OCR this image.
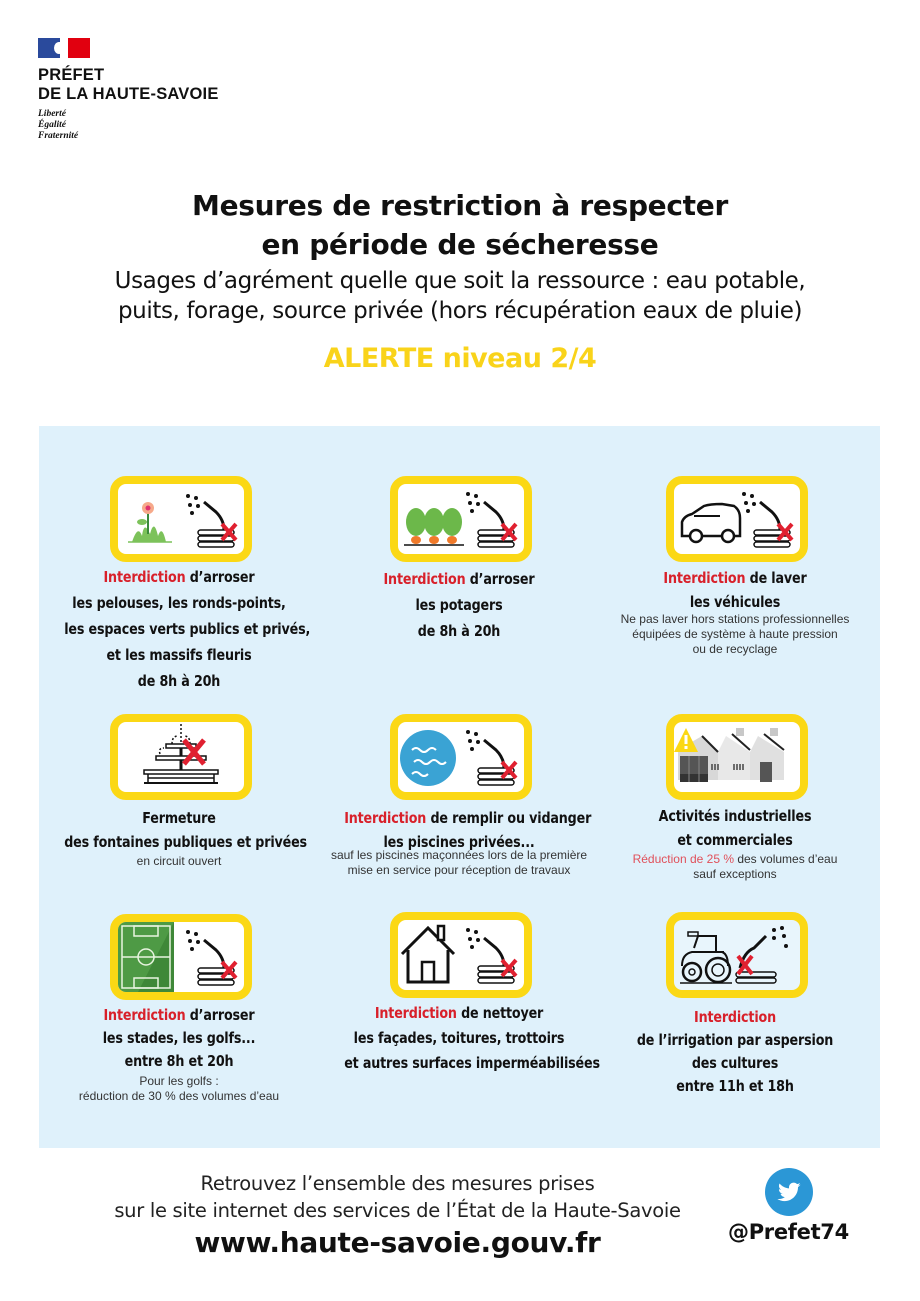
PRÉFET
DE LA HAUTE-SAVOIE
Liberté
Égalité
Fraternité
Mesures de restriction à respecter
en période de sécheresse
Usages d’agrément quelle que soit la ressource : eau potable,
puits, forage, source privée (hors récupération eaux de pluie)
ALERTE niveau 2/4
Interdiction d’arroser
les pelouses, les ronds-points,
les espaces verts publics et privés,
et les massifs fleuris
de 8h à 20h
Interdiction d’arroser
les potagers
de 8h à 20h
Interdiction de laver
les véhicules
Ne pas laver hors stations professionnelles
équipées de système à haute pression
ou de recyclage
Fermeture
des fontaines publiques et privées
en circuit ouvert
Interdiction de remplir ou vidanger
les piscines privées...
sauf les piscines maçonnées lors de la première
mise en service pour réception de travaux
Activités industrielles
et commerciales
Réduction de 25 % des volumes d’eau
sauf exceptions
Interdiction d’arroser
les stades, les golfs...
entre 8h et 20h
Pour les golfs :
réduction de 30 % des volumes d’eau
Interdiction de nettoyer
les façades, toitures, trottoirs
et autres surfaces imperméabilisées
Interdiction
de l’irrigation par aspersion
des cultures
entre 11h et 18h
Retrouvez l’ensemble des mesures prises
sur le site internet des services de l’État de la Haute-Savoie
www.haute-savoie.gouv.fr	@Prefet74
